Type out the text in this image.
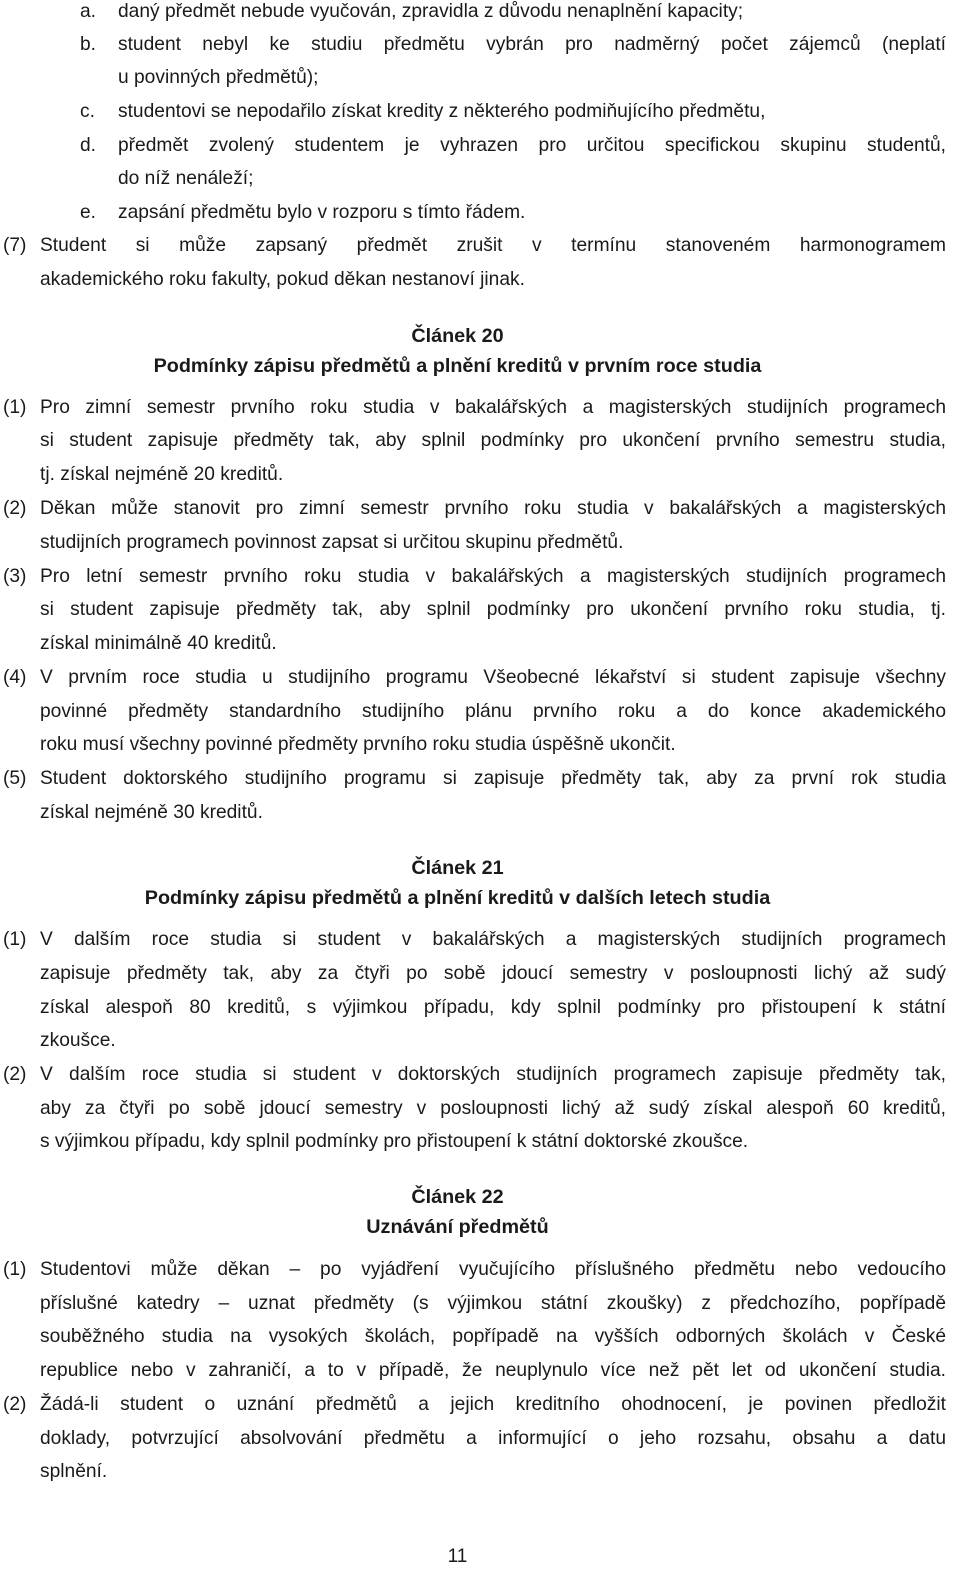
a. daný předmět nebude vyučován, zpravidla z důvodu nenaplnění kapacity;
b. student nebyl ke studiu předmětu vybrán pro nadměrný počet zájemců (neplatí
u povinných předmětů);
c. studentovi se nepodařilo získat kredity z některého podmiňujícího předmětu,
d. předmět zvolený studentem je vyhrazen pro určitou specifickou skupinu studentů,
do níž nenáleží;
e. zapsání předmětu bylo v rozporu s tímto řádem.
(7) Student si může zapsaný předmět zrušit v termínu stanoveném harmonogramem
akademického roku fakulty, pokud děkan nestanoví jinak.
Článek 20
Podmínky zápisu předmětů a plnění kreditů v prvním roce studia
(1) Pro zimní semestr prvního roku studia v bakalářských a magisterských studijních programech
si student zapisuje předměty tak, aby splnil podmínky pro ukončení prvního semestru studia,
tj. získal nejméně 20 kreditů.
(2) Děkan může stanovit pro zimní semestr prvního roku studia v bakalářských a magisterských
studijních programech povinnost zapsat si určitou skupinu předmětů.
(3) Pro letní semestr prvního roku studia v bakalářských a magisterských studijních programech
si student zapisuje předměty tak, aby splnil podmínky pro ukončení prvního roku studia, tj.
získal minimálně 40 kreditů.
(4) V prvním roce studia u studijního programu Všeobecné lékařství si student zapisuje všechny
povinné předměty standardního studijního plánu prvního roku a do konce akademického
roku musí všechny povinné předměty prvního roku studia úspěšně ukončit.
(5) Student doktorského studijního programu si zapisuje předměty tak, aby za první rok studia
získal nejméně 30 kreditů.
Článek 21
Podmínky zápisu předmětů a plnění kreditů v dalších letech studia
(1) V dalším roce studia si student v bakalářských a magisterských studijních programech
zapisuje předměty tak, aby za čtyři po sobě jdoucí semestry v posloupnosti lichý až sudý
získal alespoň 80 kreditů, s výjimkou případu, kdy splnil podmínky pro přistoupení k státní
zkoušce.
(2) V dalším roce studia si student v doktorských studijních programech zapisuje předměty tak,
aby za čtyři po sobě jdoucí semestry v posloupnosti lichý až sudý získal alespoň 60 kreditů,
s výjimkou případu, kdy splnil podmínky pro přistoupení k státní doktorské zkoušce.
Článek 22
Uznávání předmětů
(1) Studentovi může děkan – po vyjádření vyučujícího příslušného předmětu nebo vedoucího
příslušné katedry – uznat předměty (s výjimkou státní zkoušky) z předchozího, popřípadě
souběžného studia na vysokých školách, popřípadě na vyšších odborných školách v České
republice nebo v zahraničí, a to v případě, že neuplynulo více než pět let od ukončení studia.
(2) Žádá-li student o uznání předmětů a jejich kreditního ohodnocení, je povinen předložit
doklady, potvrzující absolvování předmětu a informující o jeho rozsahu, obsahu a datu
splnění.
11
